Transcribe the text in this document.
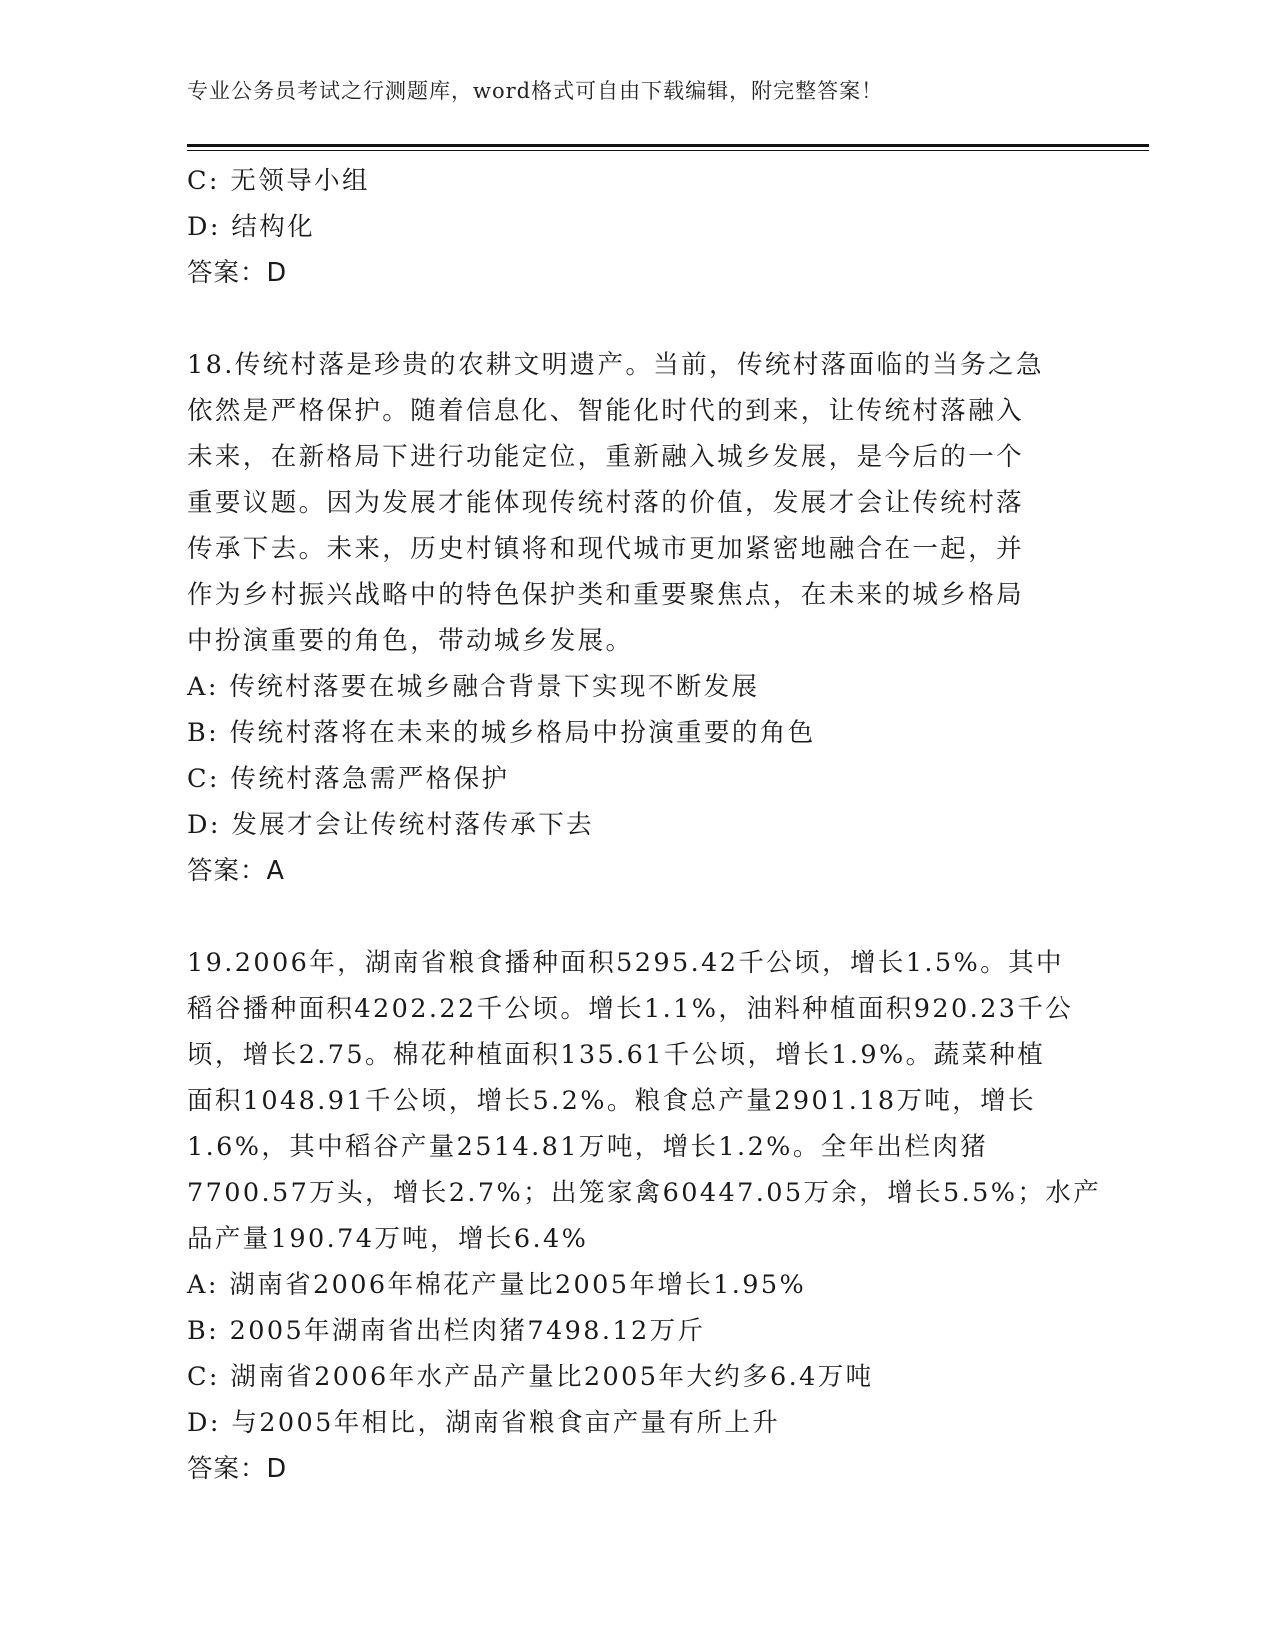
专业公务员考试之行测题库，word格式可自由下载编辑，附完整答案！
C: 无领导小组
D: 结构化
答案：D
18.传统村落是珍贵的农耕文明遗产。当前，传统村落面临的当务之急
依然是严格保护。随着信息化、智能化时代的到来，让传统村落融入
未来，在新格局下进行功能定位，重新融入城乡发展，是今后的一个
重要议题。因为发展才能体现传统村落的价值，发展才会让传统村落
传承下去。未来，历史村镇将和现代城市更加紧密地融合在一起，并
作为乡村振兴战略中的特色保护类和重要聚焦点，在未来的城乡格局
中扮演重要的角色，带动城乡发展。
A: 传统村落要在城乡融合背景下实现不断发展
B: 传统村落将在未来的城乡格局中扮演重要的角色
C: 传统村落急需严格保护
D: 发展才会让传统村落传承下去
答案：A
19.2006年，湖南省粮食播种面积5295.42千公顷，增长1.5%。其中
稻谷播种面积4202.22千公顷。增长1.1%，油料种植面积920.23千公
顷，增长2.75。棉花种植面积135.61千公顷，增长1.9%。蔬菜种植
面积1048.91千公顷，增长5.2%。粮食总产量2901.18万吨，增长
1.6%，其中稻谷产量2514.81万吨，增长1.2%。全年出栏肉猪
7700.57万头，增长2.7%；出笼家禽60447.05万余，增长5.5%；水产
品产量190.74万吨，增长6.4%
A: 湖南省2006年棉花产量比2005年增长1.95%
B: 2005年湖南省出栏肉猪7498.12万斤
C: 湖南省2006年水产品产量比2005年大约多6.4万吨
D: 与2005年相比，湖南省粮食亩产量有所上升
答案：D
